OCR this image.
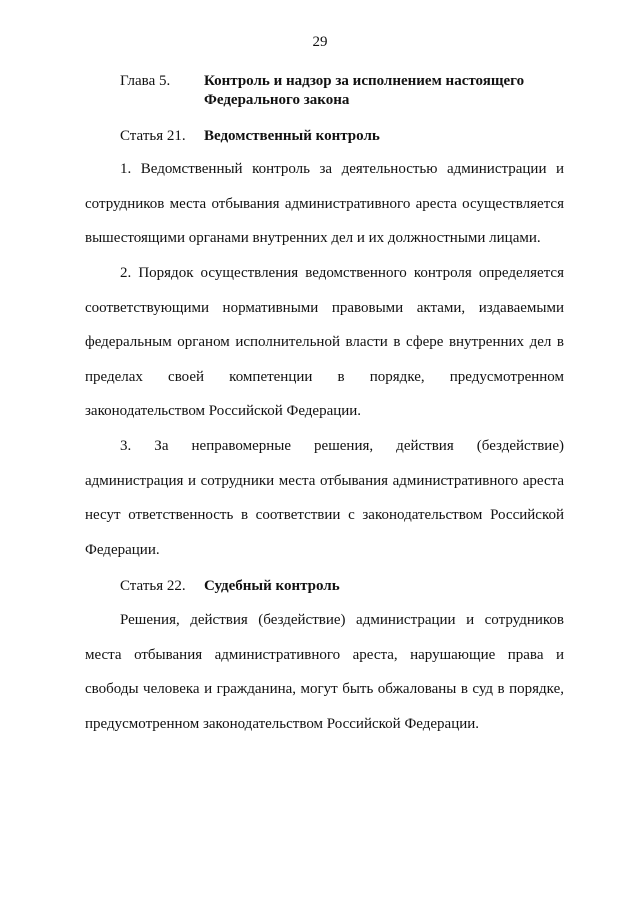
29
Глава 5. Контроль и надзор за исполнением настоящего Федерального закона
Статья 21. Ведомственный контроль

1. Ведомственный контроль за деятельностью администрации и сотрудников места отбывания административного ареста осуществляется вышестоящими органами внутренних дел и их должностными лицами.

2. Порядок осуществления ведомственного контроля определяется соответствующими нормативными правовыми актами, издаваемыми федеральным органом исполнительной власти в сфере внутренних дел в пределах своей компетенции в порядке, предусмотренном законодательством Российской Федерации.

3. За неправомерные решения, действия (бездействие) администрация и сотрудники места отбывания административного ареста несут ответственность в соответствии с законодательством Российской Федерации.

Статья 22. Судебный контроль

Решения, действия (бездействие) администрации и сотрудников места отбывания административного ареста, нарушающие права и свободы человека и гражданина, могут быть обжалованы в суд в порядке, предусмотренном законодательством Российской Федерации.
